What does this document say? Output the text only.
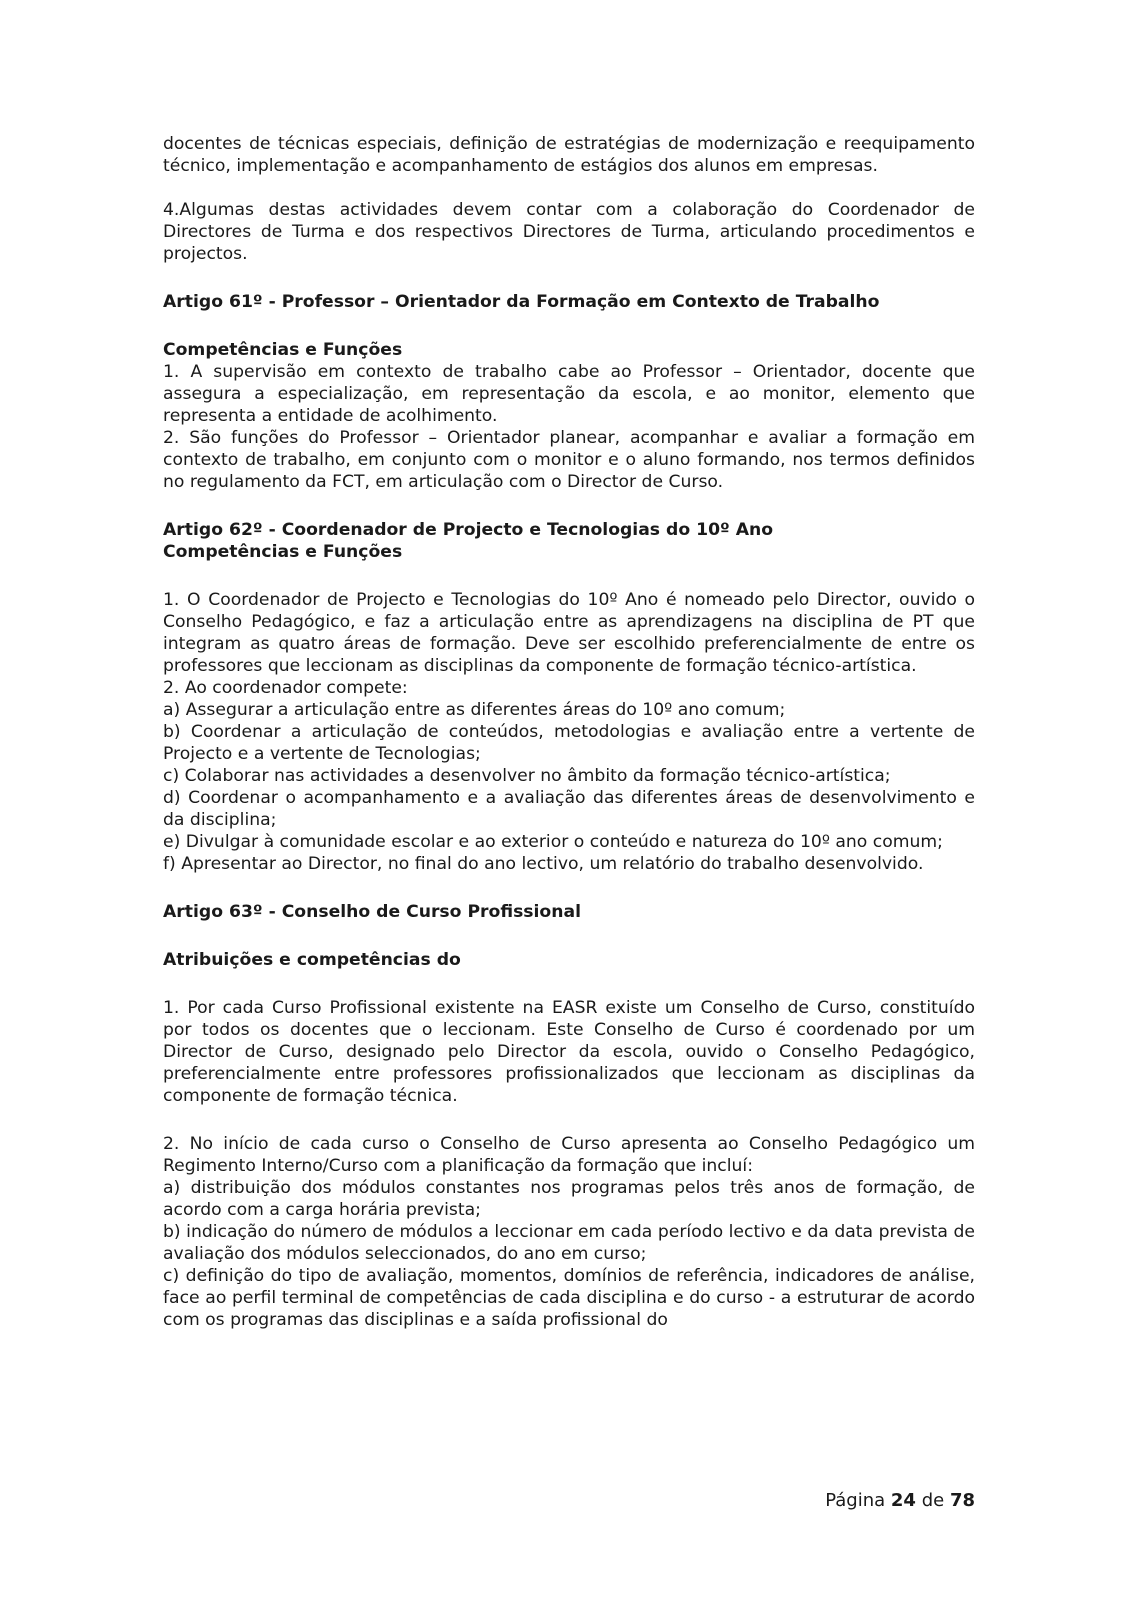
docentes de técnicas especiais, definição de estratégias de modernização e reequipamento técnico, implementação e acompanhamento de estágios dos alunos em empresas.

4.Algumas destas actividades devem contar com a colaboração do Coordenador de Directores de Turma e dos respectivos Directores de Turma, articulando procedimentos e projectos.

Artigo 61º - Professor – Orientador da Formação em Contexto de Trabalho

Competências e Funções

1. A supervisão em contexto de trabalho cabe ao Professor – Orientador, docente que assegura a especialização, em representação da escola, e ao monitor, elemento que representa a entidade de acolhimento.

2. São funções do Professor – Orientador planear, acompanhar e avaliar a formação em contexto de trabalho, em conjunto com o monitor e o aluno formando, nos termos definidos no regulamento da FCT, em articulação com o Director de Curso.

Artigo 62º - Coordenador de Projecto e Tecnologias do 10º Ano

Competências e Funções

1. O Coordenador de Projecto e Tecnologias do 10º Ano é nomeado pelo Director, ouvido o Conselho Pedagógico, e faz a articulação entre as aprendizagens na disciplina de PT que integram as quatro áreas de formação. Deve ser escolhido preferencialmente de entre os professores que leccionam as disciplinas da componente de formação técnico-artística.

2. Ao coordenador compete:

a) Assegurar a articulação entre as diferentes áreas do 10º ano comum;

b) Coordenar a articulação de conteúdos, metodologias e avaliação entre a vertente de Projecto e a vertente de Tecnologias;

c) Colaborar nas actividades a desenvolver no âmbito da formação técnico-artística;

d) Coordenar o acompanhamento e a avaliação das diferentes áreas de desenvolvimento e da disciplina;

e) Divulgar à comunidade escolar e ao exterior o conteúdo e natureza do 10º ano comum;

f) Apresentar ao Director, no final do ano lectivo, um relatório do trabalho desenvolvido.

Artigo 63º - Conselho de Curso Profissional

Atribuições e competências do

1. Por cada Curso Profissional existente na EASR existe um Conselho de Curso, constituído por todos os docentes que o leccionam. Este Conselho de Curso é coordenado por um Director de Curso, designado pelo Director da escola, ouvido o Conselho Pedagógico, preferencialmente entre professores profissionalizados que leccionam as disciplinas da componente de formação técnica.

2. No início de cada curso o Conselho de Curso apresenta ao Conselho Pedagógico um Regimento Interno/Curso com a planificação da formação que incluí:

a) distribuição dos módulos constantes nos programas pelos três anos de formação, de acordo com a carga horária prevista;

b) indicação do número de módulos a leccionar em cada período lectivo e da data prevista de avaliação dos módulos seleccionados, do ano em curso;

c) definição do tipo de avaliação, momentos, domínios de referência, indicadores de análise, face ao perfil terminal de competências de cada disciplina e do curso - a estruturar de acordo com os programas das disciplinas e a saída profissional do

Página 24 de 78
